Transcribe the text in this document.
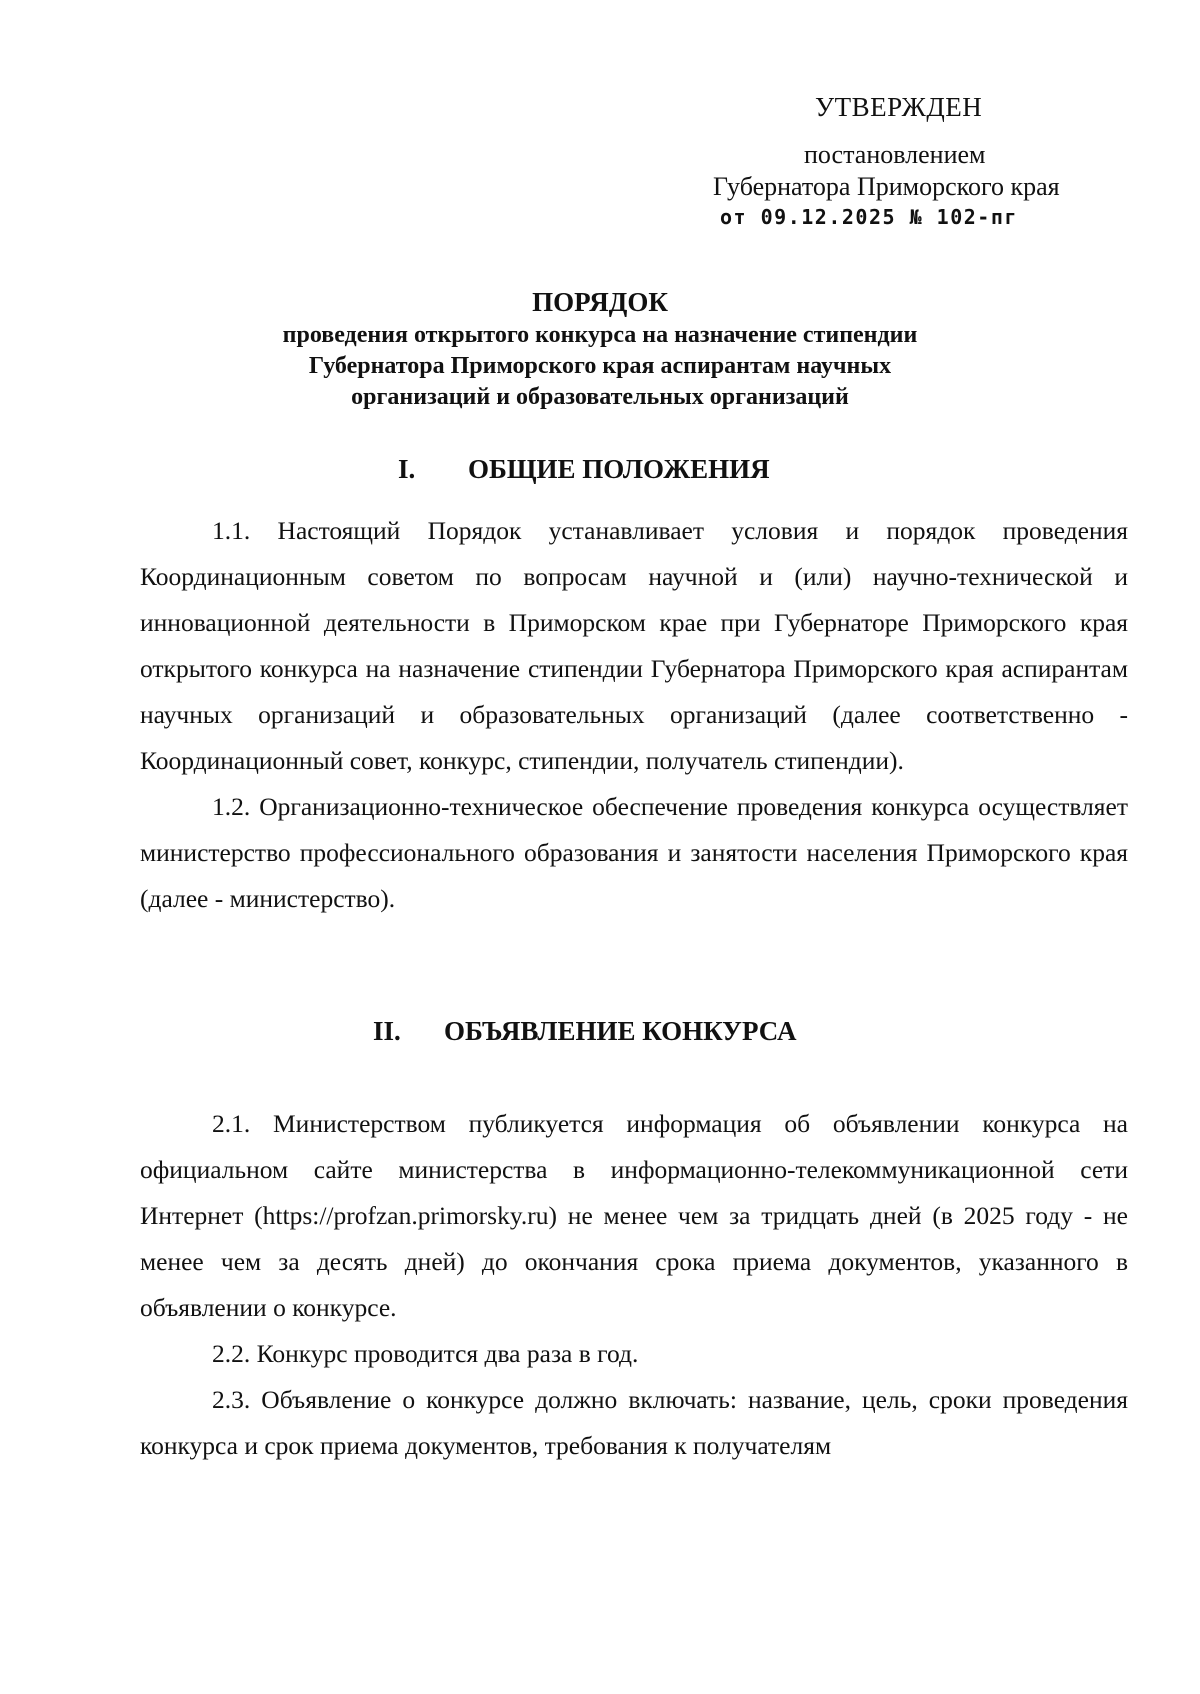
УТВЕРЖДЕН
постановлением
Губернатора Приморского края
от 09.12.2025 № 102-пг
ПОРЯДОК
проведения открытого конкурса на назначение стипендии
Губернатора Приморского края аспирантам научных
организаций и образовательных организаций
I. ОБЩИЕ ПОЛОЖЕНИЯ

1.1. Настоящий Порядок устанавливает условия и порядок проведения Координационным советом по вопросам научной и (или) научно-технической и инновационной деятельности в Приморском крае при Губернаторе Приморского края открытого конкурса на назначение стипендии Губернатора Приморского края аспирантам научных организаций и образовательных организаций (далее соответственно - Координационный совет, конкурс, стипендии, получатель стипендии).

1.2. Организационно-техническое обеспечение проведения конкурса осуществляет министерство профессионального образования и занятости населения Приморского края (далее - министерство).

II. ОБЪЯВЛЕНИЕ КОНКУРСА

2.1. Министерством публикуется информация об объявлении конкурса на официальном сайте министерства в информационно-телекоммуникационной сети Интернет (https://profzan.primorsky.ru) не менее чем за тридцать дней (в 2025 году - не менее чем за десять дней) до окончания срока приема документов, указанного в объявлении о конкурсе.

2.2. Конкурс проводится два раза в год.

2.3. Объявление о конкурсе должно включать: название, цель, сроки проведения конкурса и срок приема документов, требования к получателям
